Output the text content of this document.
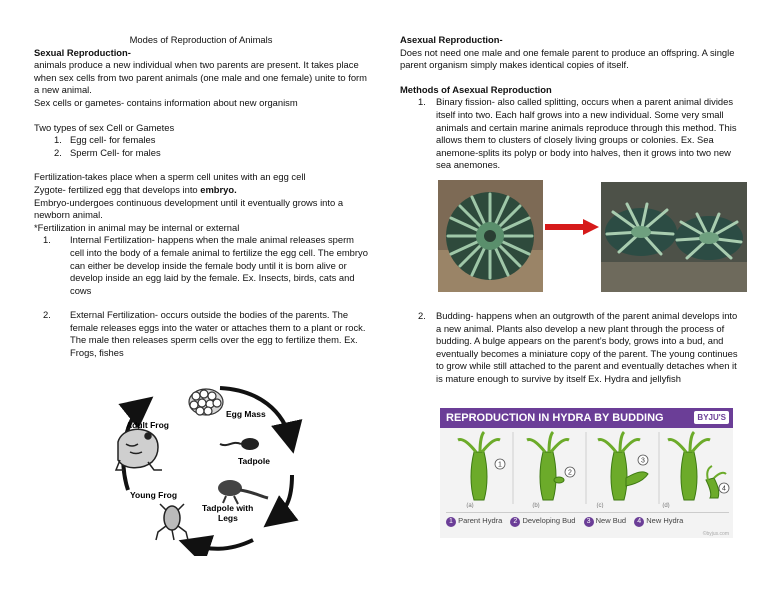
Modes of Reproduction of Animals

Sexual Reproduction-

animals produce a new individual when two parents are present. It takes place when sex cells from two parent animals (one male and one female) unite to form a new animal.

Sex cells or gametes- contains information about new organism

Two types of sex Cell or Gametes

1. Egg cell- for females
2. Sperm Cell- for males

Fertilization-takes place when a sperm cell unites with an egg cell

Zygote- fertilized egg that develops into embryo.

Embryo-undergoes continuous development until it eventually grows into a newborn animal.

*Fertilization in animal may be internal or external

1. Internal Fertilization- happens when the male animal releases sperm cell into the body of a female animal to fertilize the egg cell. The embryo can either be develop inside the female body until it is born alive or develop inside an egg laid by the female. Ex. Insects, birds, cats and cows
2. External Fertilization- occurs outside the bodies of the parents. The female releases eggs into the water or attaches them to a plant or rock. The male then releases sperm cells over the egg to fertilize them. Ex. Frogs, fishes
Egg Mass
Tadpole
Tadpole with
Legs
Young Frog
Adult Frog

Asexual Reproduction-

Does not need one male and one female parent to produce an offspring. A single parent organism simply makes identical copies of itself.

Methods of Asexual Reproduction

1. Binary fission- also called splitting, occurs when a parent animal divides itself into two. Each half grows into a new individual. Some very small animals and certain marine animals reproduce through this method. This allows them to clusters of closely living groups or colonies. Ex. Sea anemone-splits its polyp or body into halves, then it grows into two new sea anemones.
2. Budding- happens when an outgrowth of the parent animal develops into a new animal. Plants also develop a new plant through the process of budding. A bulge appears on the parent’s body, grows into a bud, and eventually becomes a miniature copy of the parent. The young continues to grow while still attached to the parent and eventually detaches when it is mature enough to survive by itself Ex. Hydra and jellyfish
REPRODUCTION IN HYDRA BY BUDDING	BYJU'S
1
2
3
4
(a)	(b)	(c)	(d)
1 Parent Hydra 2 Developing Bud 3 New Bud 4 New Hydra
©byjus.com
